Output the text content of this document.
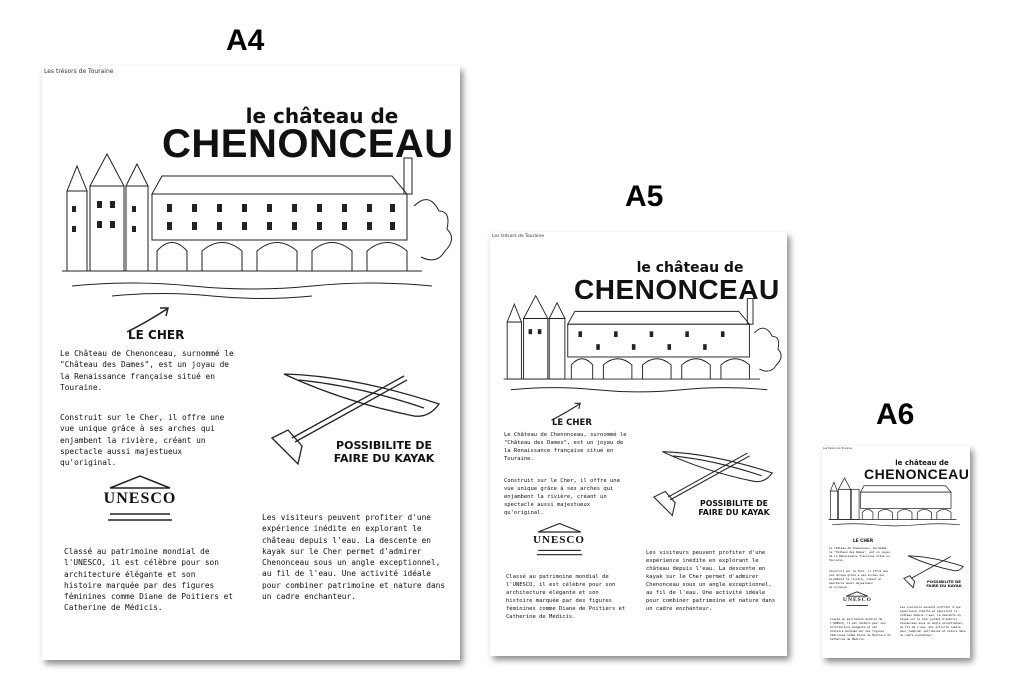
A4
A5
A6
Les trésors de Touraine
le château de
CHENONCEAU
LE CHER
Le Château de Chenonceau, surnommé le "Château des Dames", est un joyau de la Renaissance française situé en Touraine.
Construit sur le Cher, il offre une vue unique grâce à ses arches qui enjambent la rivière, créant un spectacle aussi majestueux qu'original.
POSSIBILITE DE FAIRE DU KAYAK
UNESCO
Classé au patrimoine mondial de l'UNESCO, il est célèbre pour son architecture élégante et son histoire marquée par des figures féminines comme Diane de Poitiers et Catherine de Médicis.
Les visiteurs peuvent profiter d'une expérience inédite en explorant le château depuis l'eau. La descente en kayak sur le Cher permet d'admirer Chenonceau sous un angle exceptionnel, au fil de l'eau. Une activité idéale pour combiner patrimoine et nature dans un cadre enchanteur.
Les trésors de Touraine
le château de
CHENONCEAU
LE CHER
Le Château de Chenonceau, surnommé le "Château des Dames", est un joyau de la Renaissance française situé en Touraine.
Construit sur le Cher, il offre une vue unique grâce à ses arches qui enjambent la rivière, créant un spectacle aussi majestueux qu'original.
POSSIBILITE DE FAIRE DU KAYAK
UNESCO
Classé au patrimoine mondial de l'UNESCO, il est célèbre pour son architecture élégante et son histoire marquée par des figures féminines comme Diane de Poitiers et Catherine de Médicis.
Les visiteurs peuvent profiter d'une expérience inédite en explorant le château depuis l'eau. La descente en kayak sur le Cher permet d'admirer Chenonceau sous un angle exceptionnel, au fil de l'eau. Une activité idéale pour combiner patrimoine et nature dans un cadre enchanteur.
Les trésors de Touraine
le château de
CHENONCEAU
LE CHER
Le Château de Chenonceau, surnommé le "Château des Dames", est un joyau de la Renaissance française situé en Touraine.
Construit sur le Cher, il offre une vue unique grâce à ses arches qui enjambent la rivière, créant un spectacle aussi majestueux qu'original.
POSSIBILITE DE FAIRE DU KAYAK
UNESCO
Classé au patrimoine mondial de l'UNESCO, il est célèbre pour son architecture élégante et son histoire marquée par des figures féminines comme Diane de Poitiers et Catherine de Médicis.
Les visiteurs peuvent profiter d'une expérience inédite en explorant le château depuis l'eau. La descente en kayak sur le Cher permet d'admirer Chenonceau sous un angle exceptionnel, au fil de l'eau. Une activité idéale pour combiner patrimoine et nature dans un cadre enchanteur.
